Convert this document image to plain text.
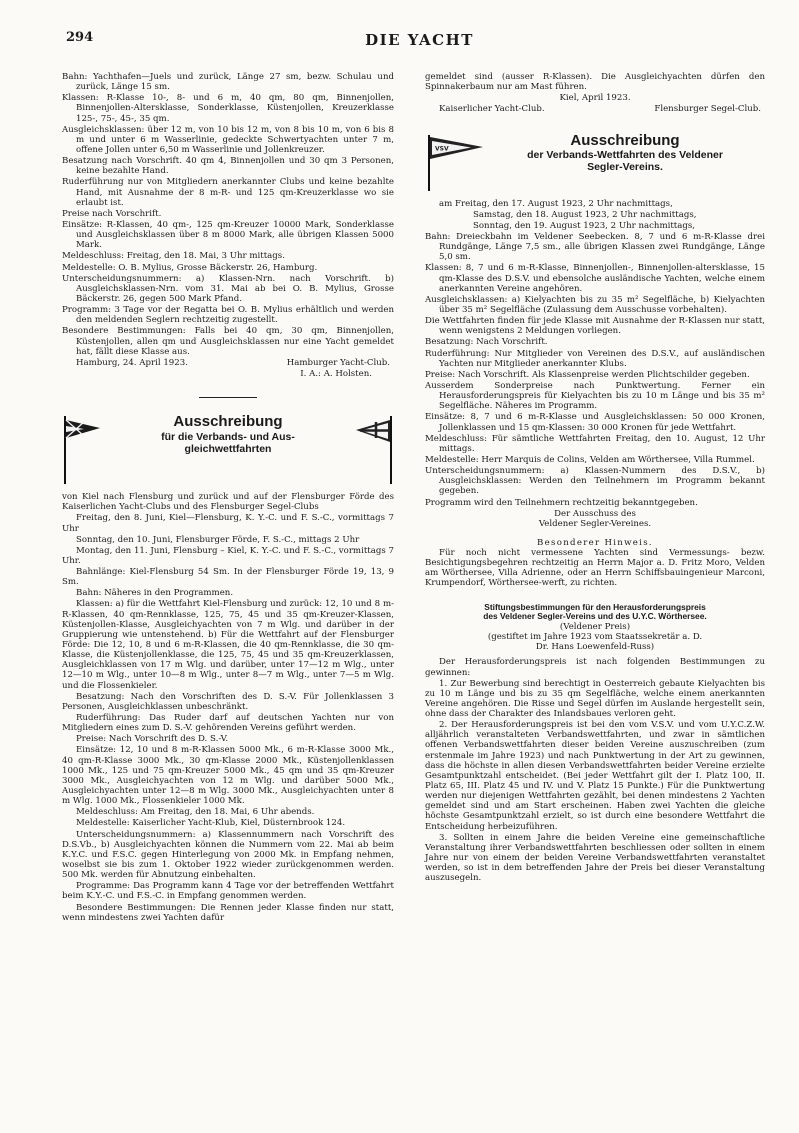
294	DIE YACHT

Bahn: Yachthafen—Juels und zurück, Länge 27 sm, bezw. Schulau und zurück, Länge 15 sm.

Klassen: R-Klasse 10-, 8- und 6 m, 40 qm, 80 qm, Binnenjollen, Binnenjollen-Altersklasse, Sonderklasse, Küstenjollen, Kreuzerklasse 125-, 75-, 45-, 35 qm.

Ausgleichsklassen: über 12 m, von 10 bis 12 m, von 8 bis 10 m, von 6 bis 8 m und unter 6 m Wasserlinie, gedeckte Schwertyachten unter 7 m, offene Jollen unter 6,50 m Wasserlinie und Jollenkreuzer.

Besatzung nach Vorschrift. 40 qm 4, Binnenjollen und 30 qm 3 Personen, keine bezahlte Hand.

Ruderführung nur von Mitgliedern anerkannter Clubs und keine bezahlte Hand, mit Ausnahme der 8 m-R- und 125 qm-Kreuzerklasse wo sie erlaubt ist.

Preise nach Vorschrift.

Einsätze: R-Klassen, 40 qm-, 125 qm-Kreuzer 10000 Mark, Sonderklasse und Ausgleichsklassen über 8 m 8000 Mark, alle übrigen Klassen 5000 Mark.

Meldeschluss: Freitag, den 18. Mai, 3 Uhr mittags.

Meldestelle: O. B. Mylius, Grosse Bäckerstr. 26, Hamburg.

Unterscheidungsnummern: a) Klassen-Nrn. nach Vorschrift. b) Ausgleichsklassen-Nrn. vom 31. Mai ab bei O. B. Mylius, Grosse Bäckerstr. 26, gegen 500 Mark Pfand.

Programm: 3 Tage vor der Regatta bei O. B. Mylius erhältlich und werden den meldenden Seglern rechtzeitig zugestellt.

Besondere Bestimmungen: Falls bei 40 qm, 30 qm, Binnenjollen, Küstenjollen, allen qm und Ausgleichsklassen nur eine Yacht gemeldet hat, fällt diese Klasse aus.

Hamburg, 24. April 1923.	Hamburger Yacht-Club.
I. A.: A. Holsten.
Ausschreibung
für die Verbands- und Aus-
gleichwettfahrten

von Kiel nach Flensburg und zurück und auf der Flensburger Förde des Kaiserlichen Yacht-Clubs und des Flensburger Segel-Clubs

Freitag, den 8. Juni, Kiel—Flensburg, K. Y.-C. und F. S.-C., vormittags 7 Uhr

Sonntag, den 10. Juni, Flensburger Förde, F. S.-C., mittags 2 Uhr

Montag, den 11. Juni, Flensburg – Kiel, K. Y.-C. und F. S.-C., vormittags 7 Uhr.

Bahnlänge: Kiel-Flensburg 54 Sm. In der Flensburger Förde 19, 13, 9 Sm.

Bahn: Näheres in den Programmen.

Klassen: a) für die Wettfahrt Kiel-Flensburg und zurück: 12, 10 und 8 m-R-Klassen, 40 qm-Rennklasse, 125, 75, 45 und 35 qm-Kreuzer-Klassen, Küstenjollen-Klasse, Ausgleichyachten von 7 m Wlg. und darüber in der Gruppierung wie untenstehend. b) Für die Wettfahrt auf der Flensburger Förde: Die 12, 10, 8 und 6 m-R-Klassen, die 40 qm-Rennklasse, die 30 qm-Klasse, die Küstenjollenklasse, die 125, 75, 45 und 35 qm-Kreuzerklassen, Ausgleichklassen von 17 m Wlg. und darüber, unter 17—12 m Wlg., unter 12—10 m Wlg., unter 10—8 m Wlg., unter 8—7 m Wlg., unter 7—5 m Wlg. und die Flossenkieler.

Besatzung: Nach den Vorschriften des D. S.-V. Für Jollenklassen 3 Personen, Ausgleichklassen unbeschränkt.

Ruderführung: Das Ruder darf auf deutschen Yachten nur von Mitgliedern eines zum D. S.-V. gehörenden Vereins geführt werden.

Preise: Nach Vorschrift des D. S.-V.

Einsätze: 12, 10 und 8 m-R-Klassen 5000 Mk., 6 m-R-Klasse 3000 Mk., 40 qm-R-Klasse 3000 Mk., 30 qm-Klasse 2000 Mk., Küstenjollenklassen 1000 Mk., 125 und 75 qm-Kreuzer 5000 Mk., 45 qm und 35 qm-Kreuzer 3000 Mk., Ausgleichyachten von 12 m Wlg. und darüber 5000 Mk., Ausgleichyachten unter 12—8 m Wlg. 3000 Mk., Ausgleichyachten unter 8 m Wlg. 1000 Mk., Flossenkieler 1000 Mk.

Meldeschluss: Am Freitag, den 18. Mai, 6 Uhr abends.

Meldestelle: Kaiserlicher Yacht-Klub, Kiel, Düsternbrook 124.

Unterscheidungsnummern: a) Klassennummern nach Vorschrift des D.S.Vb., b) Ausgleichyachten können die Nummern vom 22. Mai ab beim K.Y.C. und F.S.C. gegen Hinterlegung von 2000 Mk. in Empfang nehmen, woselbst sie bis zum 1. Oktober 1922 wieder zurückgenommen werden. 500 Mk. werden für Abnutzung einbehalten.

Programme: Das Programm kann 4 Tage vor der betreffenden Wettfahrt beim K.Y.-C. und F.S.-C. in Empfang genommen werden.

Besondere Bestimmungen: Die Rennen jeder Klasse finden nur statt, wenn mindestens zwei Yachten dafür

gemeldet sind (ausser R-Klassen). Die Ausgleichyachten dürfen den Spinnakerbaum nur am Mast führen.

Kiel, April 1923.
Kaiserlicher Yacht-Club.	Flensburger Segel-Club.
VSV	Ausschreibung
der Verbands-Wettfahrten des Veldener
Segler-Vereins.

am Freitag, den 17. August 1923, 2 Uhr nachmittags,

Samstag, den 18. August 1923, 2 Uhr nachmittags,

Sonntag, den 19. August 1923, 2 Uhr nachmittags,

Bahn: Dreieckbahn im Veldener Seebecken. 8, 7 und 6 m-R-Klasse drei Rundgänge, Länge 7,5 sm., alle übrigen Klassen zwei Rundgänge, Länge 5,0 sm.

Klassen: 8, 7 und 6 m-R-Klasse, Binnenjollen-, Binnenjollen-altersklasse, 15 qm-Klasse des D.S.V. und ebensolche ausländische Yachten, welche einem anerkannten Vereine angehören.

Ausgleichsklassen: a) Kielyachten bis zu 35 m² Segelfläche, b) Kielyachten über 35 m² Segelfläche (Zulassung dem Ausschusse vorbehalten).

Die Wettfahrten finden für jede Klasse mit Ausnahme der R-Klassen nur statt, wenn wenigstens 2 Meldungen vorliegen.

Besatzung: Nach Vorschrift.

Ruderführung: Nur Mitglieder von Vereinen des D.S.V., auf ausländischen Yachten nur Mitglieder anerkannter Klubs.

Preise: Nach Vorschrift. Als Klassenpreise werden Plichtschilder gegeben.

Ausserdem Sonderpreise nach Punktwertung. Ferner ein Herausforderungspreis für Kielyachten bis zu 10 m Länge und bis 35 m² Segelfläche. Näheres im Programm.

Einsätze: 8, 7 und 6 m-R-Klasse und Ausgleichsklassen: 50 000 Kronen, Jollenklassen und 15 qm-Klassen: 30 000 Kronen für jede Wettfahrt.

Meldeschluss: Für sämtliche Wettfahrten Freitag, den 10. August, 12 Uhr mittags.

Meldestelle: Herr Marquis de Colins, Velden am Wörthersee, Villa Rummel.

Unterscheidungsnummern: a) Klassen-Nummern des D.S.V., b) Ausgleichsklassen: Werden den Teilnehmern im Programm bekannt gegeben.

Programm wird den Teilnehmern rechtzeitig bekanntgegeben.

Der Ausschuss des
Veldener Segler-Vereines.
Besonderer Hinweis.

Für noch nicht vermessene Yachten sind Vermessungs- bezw. Besichtigungsbegehren rechtzeitig an Herrn Major a. D. Fritz Moro, Velden am Wörthersee, Villa Adrienne, oder an Herrn Schiffsbauingenieur Marconi, Krumpendorf, Wörthersee-werft, zu richten.

Stiftungsbestimmungen für den Herausforderungspreis
des Veldener Segler-Vereins und des U.Y.C. Wörthersee.
(Veldener Preis)
(gestiftet im Jahre 1923 vom Staatssekretär a. D.
Dr. Hans Loewenfeld-Russ)

Der Herausforderungspreis ist nach folgenden Bestimmungen zu gewinnen:

1. Zur Bewerbung sind berechtigt in Oesterreich gebaute Kielyachten bis zu 10 m Länge und bis zu 35 qm Segelfläche, welche einem anerkannten Vereine angehören. Die Risse und Segel dürfen im Auslande hergestellt sein, ohne dass der Charakter des Inlandsbaues verloren geht.

2. Der Herausforderungspreis ist bei den vom V.S.V. und vom U.Y.C.Z.W. alljährlich veranstalteten Verbandswettfahrten, und zwar in sämtlichen offenen Verbandswettfahrten dieser beiden Vereine auszuschreiben (zum erstenmale im Jahre 1923) und nach Punktwertung in der Art zu gewinnen, dass die höchste in allen diesen Verbandswettfahrten beider Vereine erzielte Gesamtpunktzahl entscheidet. (Bei jeder Wettfahrt gilt der I. Platz 100, II. Platz 65, III. Platz 45 und IV. und V. Platz 15 Punkte.) Für die Punktwertung werden nur diejenigen Wettfahrten gezählt, bei denen mindestens 2 Yachten gemeldet sind und am Start erscheinen. Haben zwei Yachten die gleiche höchste Gesamtpunktzahl erzielt, so ist durch eine besondere Wettfahrt die Entscheidung herbeizuführen.

3. Sollten in einem Jahre die beiden Vereine eine gemeinschaftliche Veranstaltung ihrer Verbandswettfahrten beschliessen oder sollten in einem Jahre nur von einem der beiden Vereine Verbandswettfahrten veranstaltet werden, so ist in dem betreffenden Jahre der Preis bei dieser Veranstaltung auszusegeln.
